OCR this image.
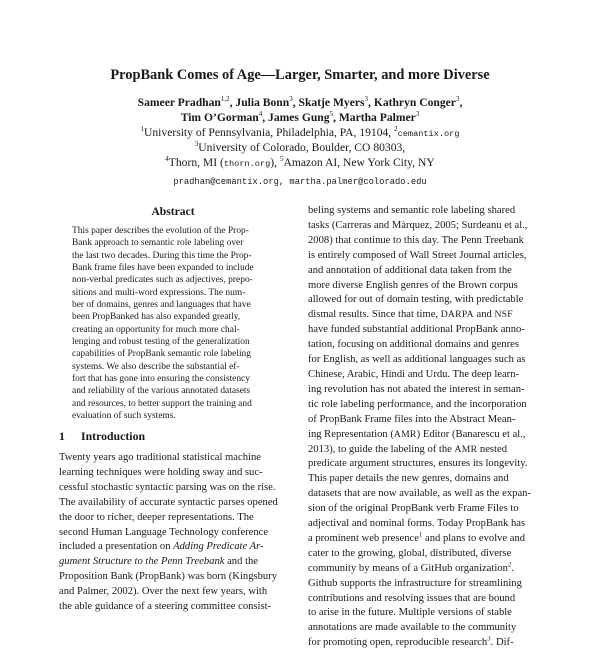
PropBank Comes of Age—Larger, Smarter, and more Diverse
Sameer Pradhan$^{1,2}$, Julia Bonn$^3$, Skatje Myers$^3$, Kathryn Conger$^3$,
Tim O’Gorman$^4$, James Gung$^5$, Martha Palmer$^3$
$^1$University of Pennsylvania, Philadelphia, PA, 19104, $^2$cemantix.org
$^3$University of Colorado, Boulder, CO 80303,
$^4$Thorn, MI (thorn.org), $^5$Amazon AI, New York City, NY
pradhan@cemantix.org, martha.palmer@colorado.edu
Abstract
This paper describes the evolution of the Prop-
Bank approach to semantic role labeling over
the last two decades. During this time the Prop-
Bank frame files have been expanded to include
non-verbal predicates such as adjectives, prepo-
sitions and multi-word expressions. The num-
ber of domains, genres and languages that have
been PropBanked has also expanded greatly,
creating an opportunity for much more chal-
lenging and robust testing of the generalization
capabilities of PropBank semantic role labeling
systems. We also describe the substantial ef-
fort that has gone into ensuring the consistency
and reliability of the various annotated datasets
and resources, to better support the training and
evaluation of such systems.
1 Introduction
Twenty years ago traditional statistical machine
learning techniques were holding sway and suc-
cessful stochastic syntactic parsing was on the rise.
The availability of accurate syntactic parses opened
the door to richer, deeper representations. The
second Human Language Technology conference
included a presentation on Adding Predicate Ar-
gument Structure to the Penn Treebank and the
Proposition Bank (PropBank) was born (Kingsbury
and Palmer, 2002). Over the next few years, with
the able guidance of a steering committee consist-
beling systems and semantic role labeling shared
tasks (Carreras and Màrquez, 2005; Surdeanu et al.,
2008) that continue to this day. The Penn Treebank
is entirely composed of Wall Street Journal articles,
and annotation of additional data taken from the
more diverse English genres of the Brown corpus
allowed for out of domain testing, with predictable
dismal results. Since that time, DARPA and NSF
have funded substantial additional PropBank anno-
tation, focusing on additional domains and genres
for English, as well as additional languages such as
Chinese, Arabic, Hindi and Urdu. The deep learn-
ing revolution has not abated the interest in seman-
tic role labeling performance, and the incorporation
of PropBank Frame files into the Abstract Mean-
ing Representation (AMR) Editor (Banarescu et al.,
2013), to guide the labeling of the AMR nested
predicate argument structures, ensures its longevity.
This paper details the new genres, domains and
datasets that are now available, as well as the expan-
sion of the original PropBank verb Frame Files to
adjectival and nominal forms. Today PropBank has
a prominent web presence$^1$ and plans to evolve and
cater to the growing, global, distributed, diverse
community by means of a GitHub organization$^2$.
Github supports the infrastructure for streamlining
contributions and resolving issues that are bound
to arise in the future. Multiple versions of stable
annotations are made available to the community
for promoting open, reproducible research$^3$. Dif-
